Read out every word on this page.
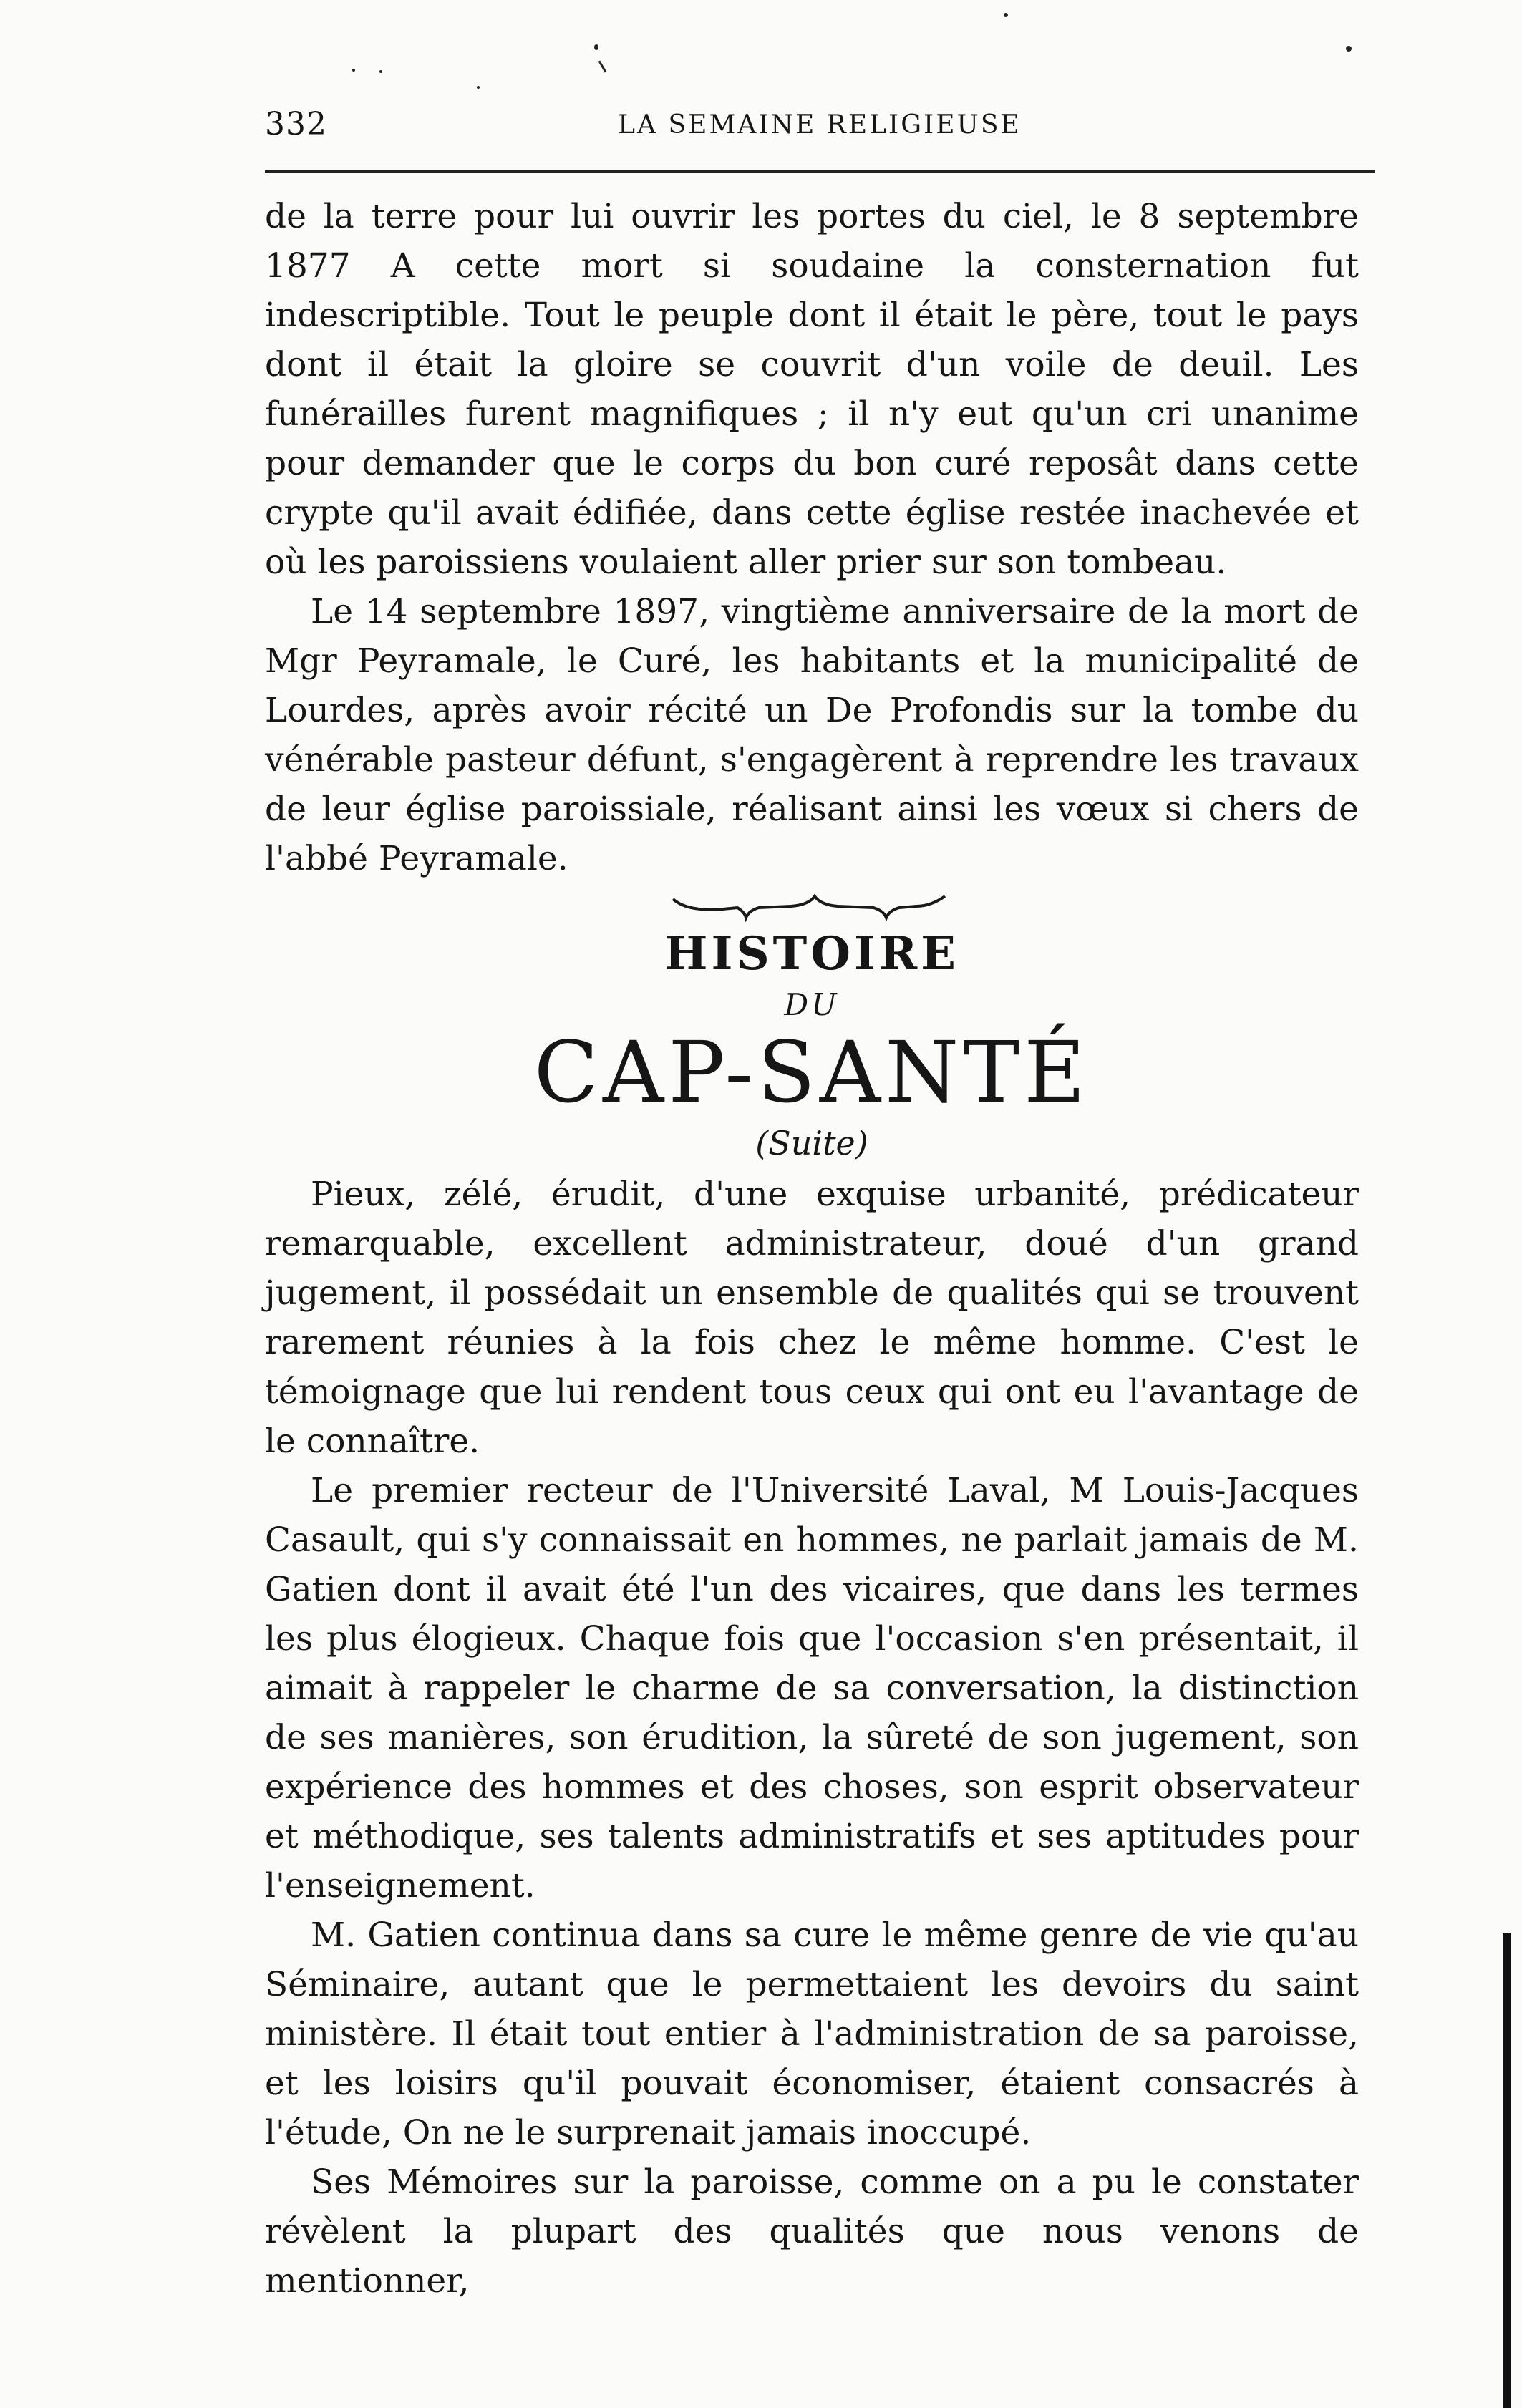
332	LA SEMAINE RELIGIEUSE

de la terre pour lui ouvrir les portes du ciel, le 8 septembre 1877 A cette mort si soudaine la consternation fut indescriptible. Tout le peuple dont il était le père, tout le pays dont il était la gloire se couvrit d'un voile de deuil. Les funérailles furent magnifiques ; il n'y eut qu'un cri unanime pour demander que le corps du bon curé reposât dans cette crypte qu'il avait édifiée, dans cette église restée inachevée et où les paroissiens voulaient aller prier sur son tombeau.

Le 14 septembre 1897, vingtième anniversaire de la mort de Mgr Peyramale, le Curé, les habitants et la municipalité de Lourdes, après avoir récité un De Profondis sur la tombe du vénérable pasteur défunt, s'engagèrent à reprendre les travaux de leur église paroissiale, réalisant ainsi les vœux si chers de l'abbé Peyramale.

HISTOIRE
DU
CAP-SANTÉ
(Suite)

Pieux, zélé, érudit, d'une exquise urbanité, prédicateur remarquable, excellent administrateur, doué d'un grand jugement, il possédait un ensemble de qualités qui se trouvent rarement réunies à la fois chez le même homme. C'est le témoignage que lui rendent tous ceux qui ont eu l'avantage de le connaître.

Le premier recteur de l'Université Laval, M Louis-Jacques Casault, qui s'y connaissait en hommes, ne parlait jamais de M. Gatien dont il avait été l'un des vicaires, que dans les termes les plus élogieux. Chaque fois que l'occasion s'en présentait, il aimait à rappeler le charme de sa conversation, la distinction de ses manières, son érudition, la sûreté de son jugement, son expérience des hommes et des choses, son esprit observateur et méthodique, ses talents administratifs et ses aptitudes pour l'enseignement.

M. Gatien continua dans sa cure le même genre de vie qu'au Séminaire, autant que le permettaient les devoirs du saint ministère. Il était tout entier à l'administration de sa paroisse, et les loisirs qu'il pouvait économiser, étaient consacrés à l'étude, On ne le surprenait jamais inoccupé.

Ses Mémoires sur la paroisse, comme on a pu le constater révèlent la plupart des qualités que nous venons de mentionner,
